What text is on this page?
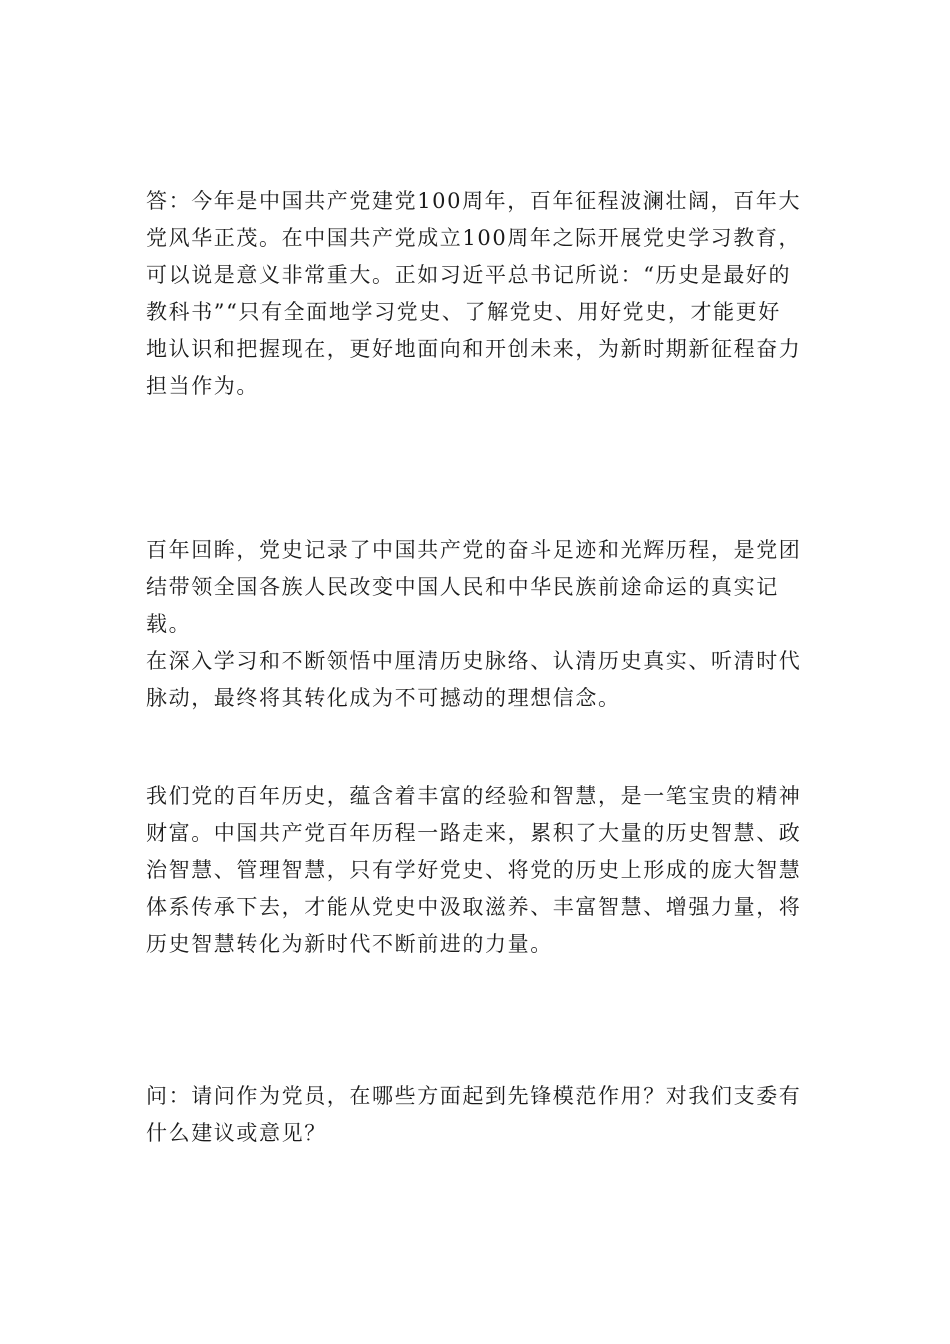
答：今年是中国共产党建党100周年，百年征程波澜壮阔，百年大
党风华正茂。在中国共产党成立100周年之际开展党史学习教育，
可以说是意义非常重大。正如习近平总书记所说：“历史是最好的
教科书”“只有全面地学习党史、了解党史、用好党史，才能更好
地认识和把握现在，更好地面向和开创未来，为新时期新征程奋力
担当作为。

百年回眸，党史记录了中国共产党的奋斗足迹和光辉历程，是党团
结带领全国各族人民改变中国人民和中华民族前途命运的真实记载。
在深入学习和不断领悟中厘清历史脉络、认清历史真实、听清时代
脉动，最终将其转化成为不可撼动的理想信念。

我们党的百年历史，蕴含着丰富的经验和智慧，是一笔宝贵的精神
财富。中国共产党百年历程一路走来，累积了大量的历史智慧、政
治智慧、管理智慧，只有学好党史、将党的历史上形成的庞大智慧
体系传承下去，才能从党史中汲取滋养、丰富智慧、增强力量，将
历史智慧转化为新时代不断前进的力量。

问：请问作为党员，在哪些方面起到先锋模范作用？对我们支委有
什么建议或意见？
